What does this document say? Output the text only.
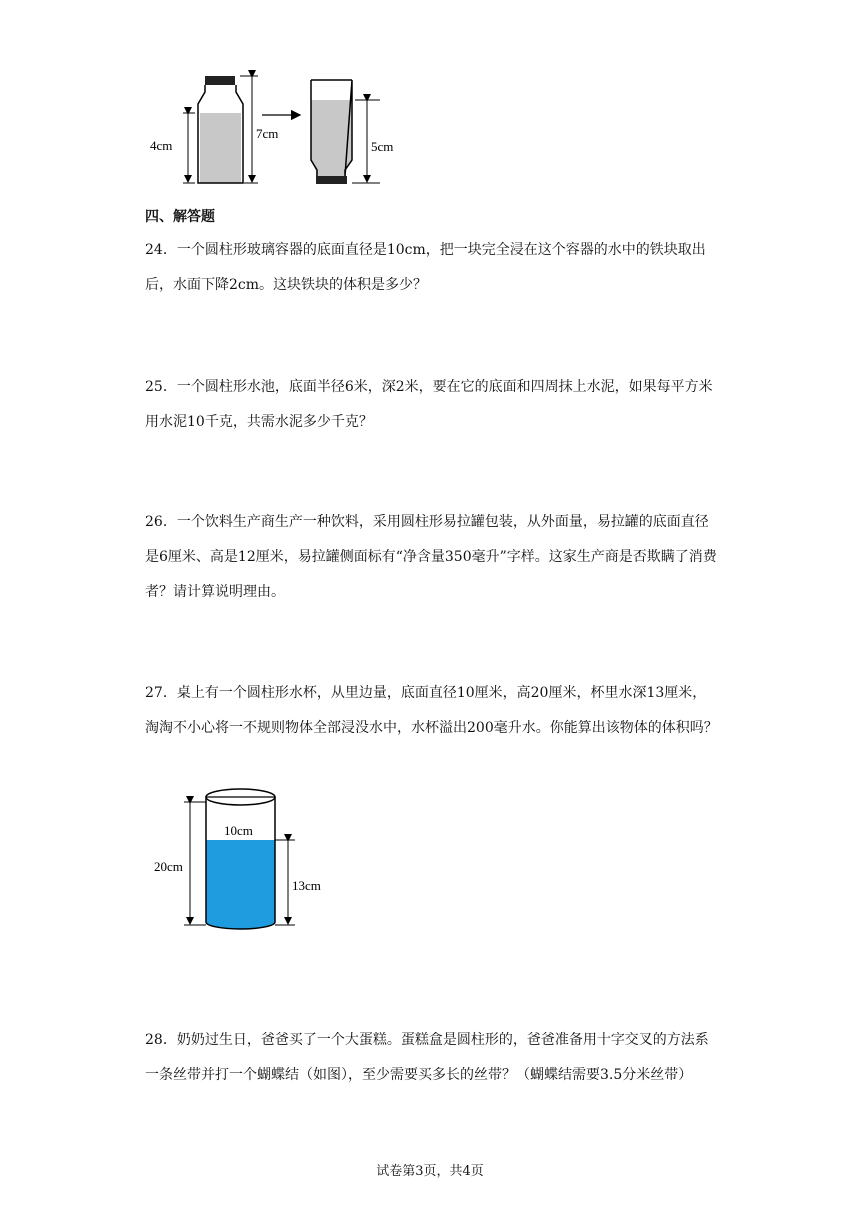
4cm
7cm
5cm
四、解答题

24．一个圆柱形玻璃容器的底面直径是10cm，把一块完全浸在这个容器的水中的铁块取出后，水面下降2cm。这块铁块的体积是多少？

25．一个圆柱形水池，底面半径6米，深2米，要在它的底面和四周抹上水泥，如果每平方米用水泥10千克，共需水泥多少千克？

26．一个饮料生产商生产一种饮料，采用圆柱形易拉罐包装，从外面量，易拉罐的底面直径是6厘米、高是12厘米，易拉罐侧面标有“净含量350毫升”字样。这家生产商是否欺瞒了消费者？请计算说明理由。

27．桌上有一个圆柱形水杯，从里边量，底面直径10厘米，高20厘米，杯里水深13厘米，淘淘不小心将一不规则物体全部浸没水中，水杯溢出200毫升水。你能算出该物体的体积吗？

10cm
20cm
13cm

28．奶奶过生日，爸爸买了一个大蛋糕。蛋糕盒是圆柱形的，爸爸准备用十字交叉的方法系一条丝带并打一个蝴蝶结（如图），至少需要买多长的丝带？（蝴蝶结需要3.5分米丝带）

试卷第3页，共4页
